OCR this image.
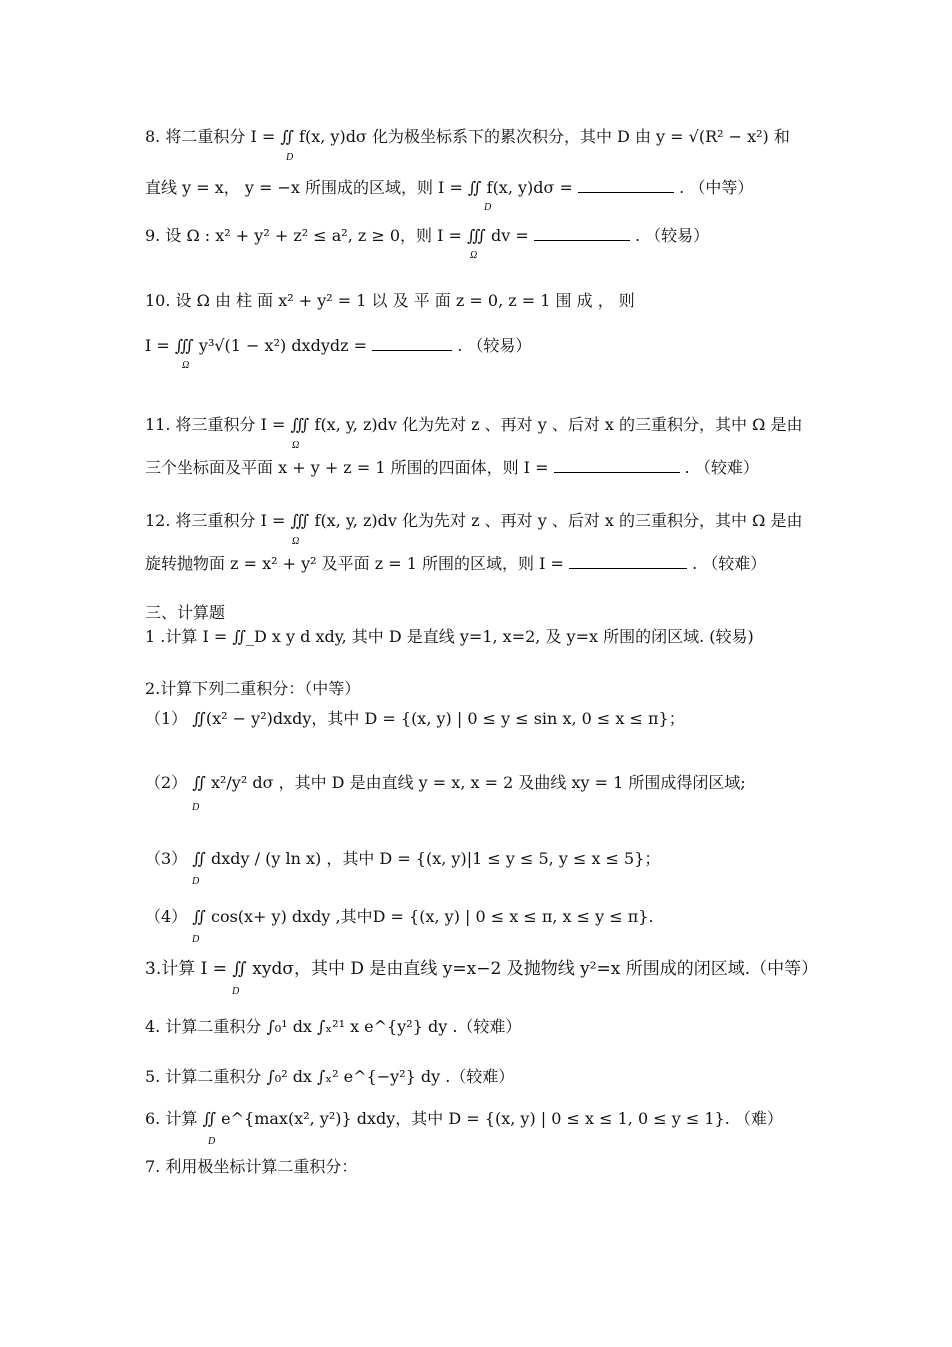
8. 将二重积分 I = ∬ f(x, y)dσ 化为极坐标系下的累次积分，其中 D 由 y = √(R² − x²) 和
D
直线 y = x， y = −x 所围成的区域，则 I = ∬ f(x, y)dσ =	. （中等）
D
9. 设 Ω : x² + y² + z² ≤ a², z ≥ 0，则 I = ∭ dv =	. （较易）
Ω
10. 设 Ω 由 柱 面 x² + y² = 1 以 及 平 面 z = 0, z = 1 围 成 ， 则
I = ∭ y³√(1 − x²) dxdydz =	. （较易）
Ω
11. 将三重积分 I = ∭ f(x, y, z)dv 化为先对 z 、再对 y 、后对 x 的三重积分，其中 Ω 是由
Ω
三个坐标面及平面 x + y + z = 1 所围的四面体，则 I =	. （较难）
12. 将三重积分 I = ∭ f(x, y, z)dv 化为先对 z 、再对 y 、后对 x 的三重积分，其中 Ω 是由
Ω
旋转抛物面 z = x² + y² 及平面 z = 1 所围的区域，则 I =	. （较难）
三、计算题
1 .计算 I = ∬_D x y d xdy, 其中 D 是直线 y=1, x=2, 及 y=x 所围的闭区域. (较易)
2.计算下列二重积分：（中等）
（1） ∬(x² − y²)dxdy，其中 D = {(x, y) | 0 ≤ y ≤ sin x, 0 ≤ x ≤ π}；
（2） ∬ x²/y² dσ ，其中 D 是由直线 y = x, x = 2 及曲线 xy = 1 所围成得闭区域;
D
（3） ∬ dxdy / (y ln x) ，其中 D = {(x, y)|1 ≤ y ≤ 5, y ≤ x ≤ 5}；
D
（4） ∬ cos(x+ y) dxdy ,其中D = {(x, y) | 0 ≤ x ≤ π, x ≤ y ≤ π}.
D
3.计算 I = ∬ xydσ，其中 D 是由直线 y=x−2 及抛物线 y²=x 所围成的闭区域.（中等）
D
4. 计算二重积分 ∫₀¹ dx ∫ₓ²¹ x e^{y²} dy .（较难）
5. 计算二重积分 ∫₀² dx ∫ₓ² e^{−y²} dy .（较难）
6. 计算 ∬ e^{max(x², y²)} dxdy，其中 D = {(x, y) | 0 ≤ x ≤ 1, 0 ≤ y ≤ 1}. （难）
D
7. 利用极坐标计算二重积分：
